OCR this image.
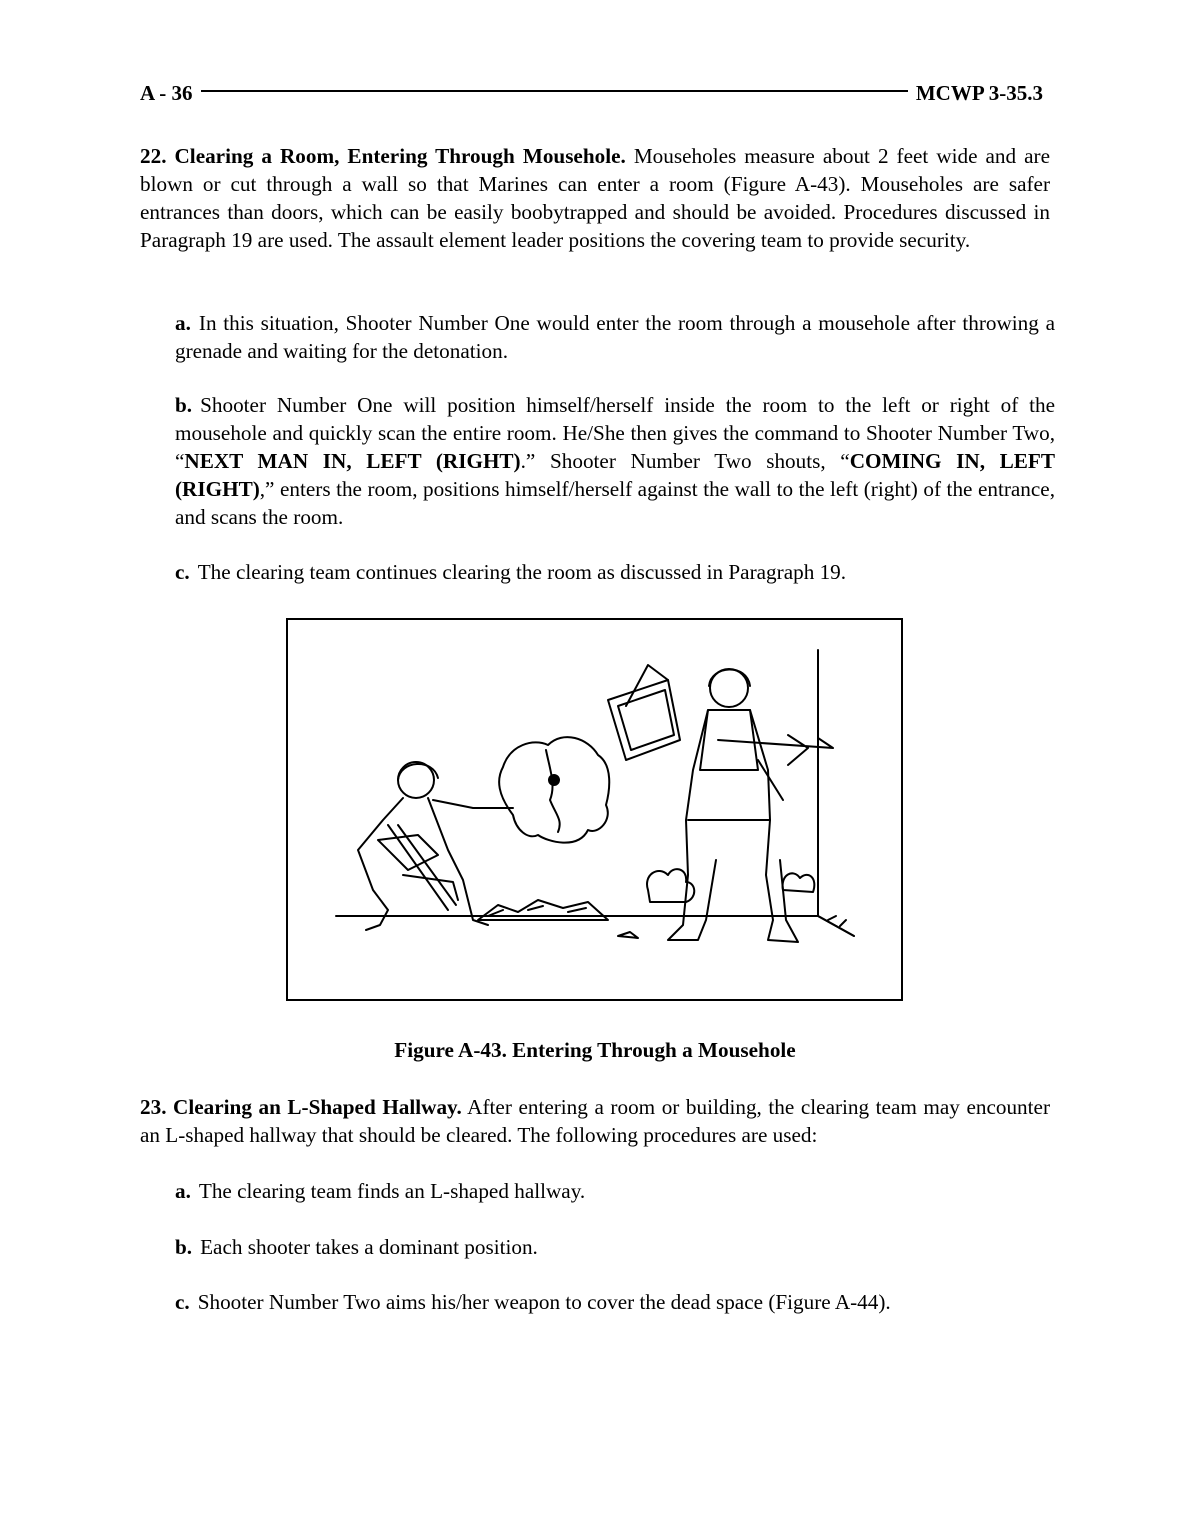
A - 36	MCWP 3-35.3

22. Clearing a Room, Entering Through Mousehole. Mouseholes measure about 2 feet wide and are blown or cut through a wall so that Marines can enter a room (Figure A-43). Mouseholes are safer entrances than doors, which can be easily boobytrapped and should be avoided. Procedures discussed in Paragraph 19 are used. The assault element leader positions the covering team to provide security.

a. In this situation, Shooter Number One would enter the room through a mousehole after throwing a grenade and waiting for the detonation.

b. Shooter Number One will position himself/herself inside the room to the left or right of the mousehole and quickly scan the entire room. He/She then gives the command to Shooter Number Two, “NEXT MAN IN, LEFT (RIGHT).” Shooter Number Two shouts, “COMING IN, LEFT (RIGHT),” enters the room, positions himself/herself against the wall to the left (right) of the entrance, and scans the room.

c. The clearing team continues clearing the room as discussed in Paragraph 19.

Figure A-43. Entering Through a Mousehole

23. Clearing an L-Shaped Hallway. After entering a room or building, the clearing team may encounter an L-shaped hallway that should be cleared. The following procedures are used:

a. The clearing team finds an L-shaped hallway.

b. Each shooter takes a dominant position.

c. Shooter Number Two aims his/her weapon to cover the dead space (Figure A-44).
